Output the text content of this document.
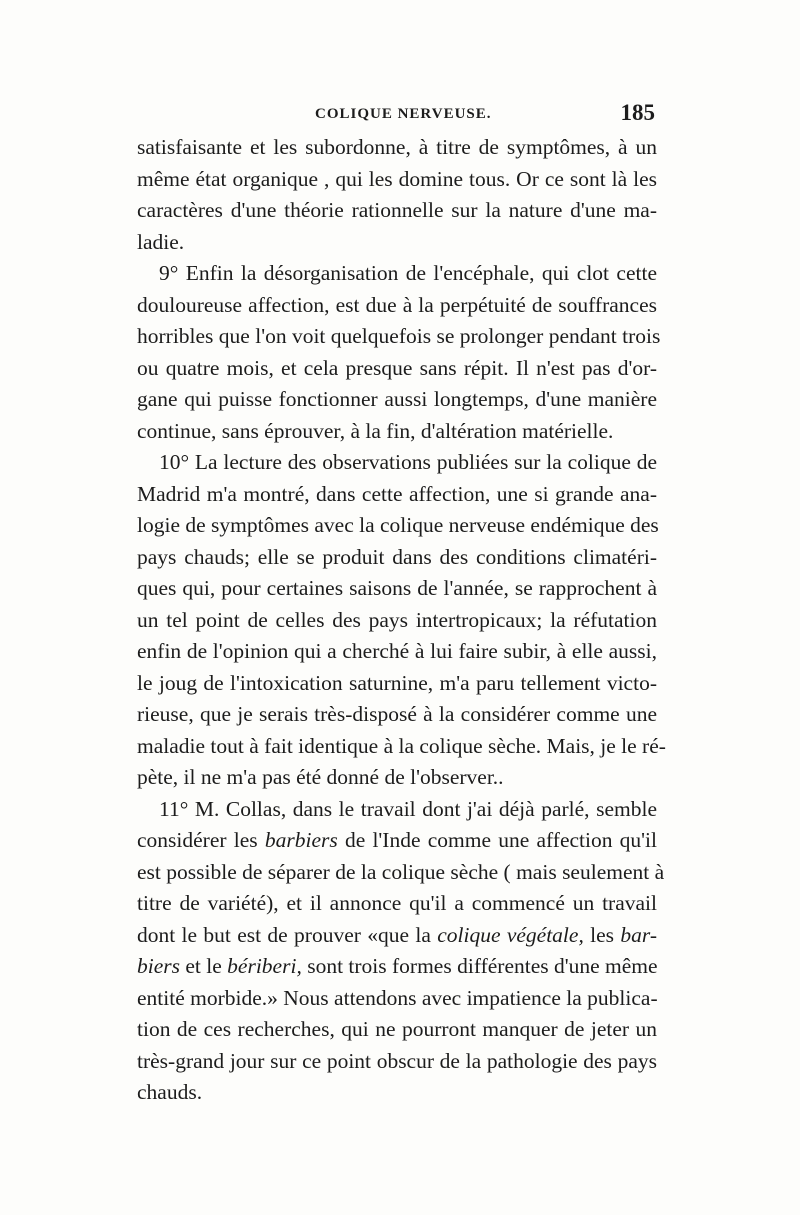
COLIQUE NERVEUSE.	185
satisfaisante et les subordonne, à titre de symptômes, à un
même état organique , qui les domine tous. Or ce sont là les
caractères d'une théorie rationnelle sur la nature d'une ma-
ladie.
9° Enfin la désorganisation de l'encéphale, qui clot cette
douloureuse affection, est due à la perpétuité de souffrances
horribles que l'on voit quelquefois se prolonger pendant trois
ou quatre mois, et cela presque sans répit. Il n'est pas d'or-
gane qui puisse fonctionner aussi longtemps, d'une manière
continue, sans éprouver, à la fin, d'altération matérielle.
10° La lecture des observations publiées sur la colique de
Madrid m'a montré, dans cette affection, une si grande ana-
logie de symptômes avec la colique nerveuse endémique des
pays chauds; elle se produit dans des conditions climatéri-
ques qui, pour certaines saisons de l'année, se rapprochent à
un tel point de celles des pays intertropicaux; la réfutation
enfin de l'opinion qui a cherché à lui faire subir, à elle aussi,
le joug de l'intoxication saturnine, m'a paru tellement victo-
rieuse, que je serais très-disposé à la considérer comme une
maladie tout à fait identique à la colique sèche. Mais, je le ré-
pète, il ne m'a pas été donné de l'observer..
11° M. Collas, dans le travail dont j'ai déjà parlé, semble
considérer les barbiers de l'Inde comme une affection qu'il
est possible de séparer de la colique sèche ( mais seulement à
titre de variété), et il annonce qu'il a commencé un travail
dont le but est de prouver «que la colique végétale, les bar-
biers et le bériberi, sont trois formes différentes d'une même
entité morbide.» Nous attendons avec impatience la publica-
tion de ces recherches, qui ne pourront manquer de jeter un
très-grand jour sur ce point obscur de la pathologie des pays
chauds.
